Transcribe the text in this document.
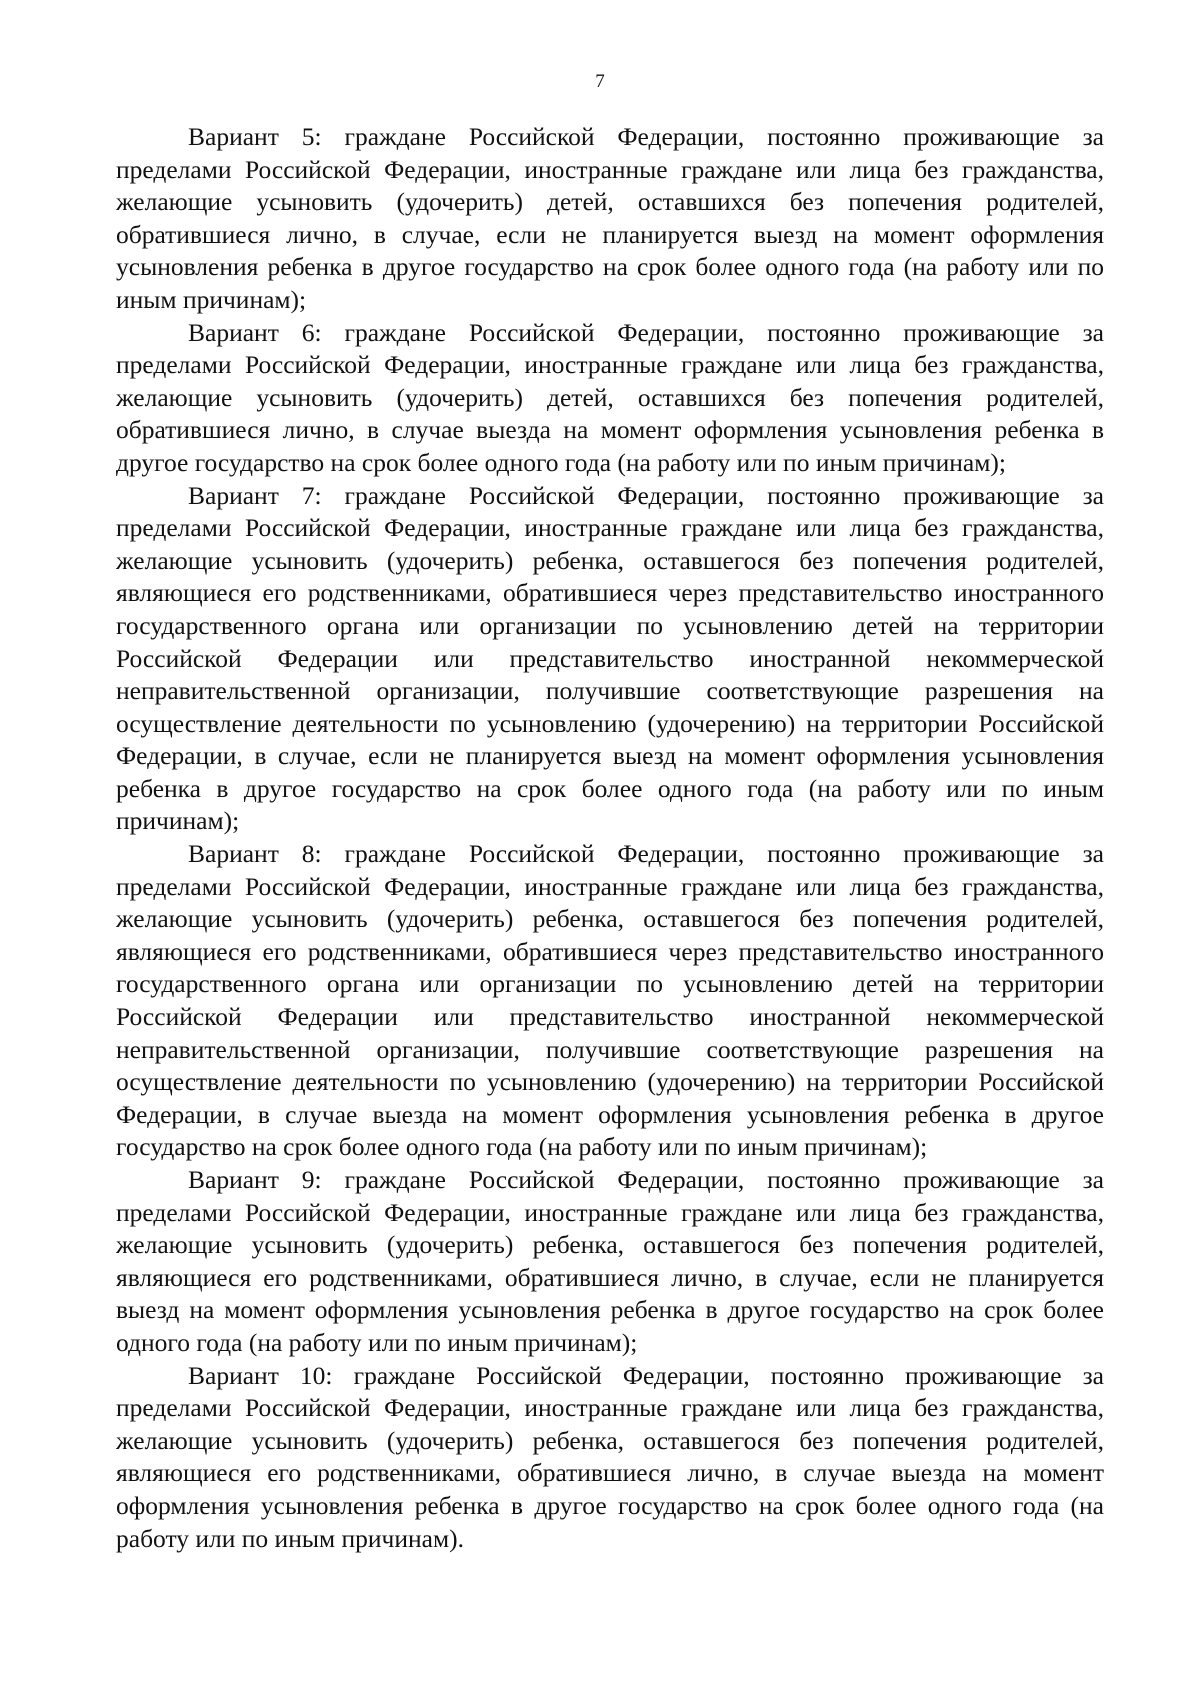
7

Вариант 5: граждане Российской Федерации, постоянно проживающие за пределами Российской Федерации, иностранные граждане или лица без гражданства, желающие усыновить (удочерить) детей, оставшихся без попечения родителей, обратившиеся лично, в случае, если не планируется выезд на момент оформления усыновления ребенка в другое государство на срок более одного года (на работу или по иным причинам);

Вариант 6: граждане Российской Федерации, постоянно проживающие за пределами Российской Федерации, иностранные граждане или лица без гражданства, желающие усыновить (удочерить) детей, оставшихся без попечения родителей, обратившиеся лично, в случае выезда на момент оформления усыновления ребенка в другое государство на срок более одного года (на работу или по иным причинам);

Вариант 7: граждане Российской Федерации, постоянно проживающие за пределами Российской Федерации, иностранные граждане или лица без гражданства, желающие усыновить (удочерить) ребенка, оставшегося без попечения родителей, являющиеся его родственниками, обратившиеся через представительство иностранного государственного органа или организации по усыновлению детей на территории Российской Федерации или представительство иностранной некоммерческой неправительственной организации, получившие соответствующие разрешения на осуществление деятельности по усыновлению (удочерению) на территории Российской Федерации, в случае, если не планируется выезд на момент оформления усыновления ребенка в другое государство на срок более одного года (на работу или по иным причинам);

Вариант 8: граждане Российской Федерации, постоянно проживающие за пределами Российской Федерации, иностранные граждане или лица без гражданства, желающие усыновить (удочерить) ребенка, оставшегося без попечения родителей, являющиеся его родственниками, обратившиеся через представительство иностранного государственного органа или организации по усыновлению детей на территории Российской Федерации или представительство иностранной некоммерческой неправительственной организации, получившие соответствующие разрешения на осуществление деятельности по усыновлению (удочерению) на территории Российской Федерации, в случае выезда на момент оформления усыновления ребенка в другое государство на срок более одного года (на работу или по иным причинам);

Вариант 9: граждане Российской Федерации, постоянно проживающие за пределами Российской Федерации, иностранные граждане или лица без гражданства, желающие усыновить (удочерить) ребенка, оставшегося без попечения родителей, являющиеся его родственниками, обратившиеся лично, в случае, если не планируется выезд на момент оформления усыновления ребенка в другое государство на срок более одного года (на работу или по иным причинам);

Вариант 10: граждане Российской Федерации, постоянно проживающие за пределами Российской Федерации, иностранные граждане или лица без гражданства, желающие усыновить (удочерить) ребенка, оставшегося без попечения родителей, являющиеся его родственниками, обратившиеся лично, в случае выезда на момент оформления усыновления ребенка в другое государство на срок более одного года (на работу или по иным причинам).
